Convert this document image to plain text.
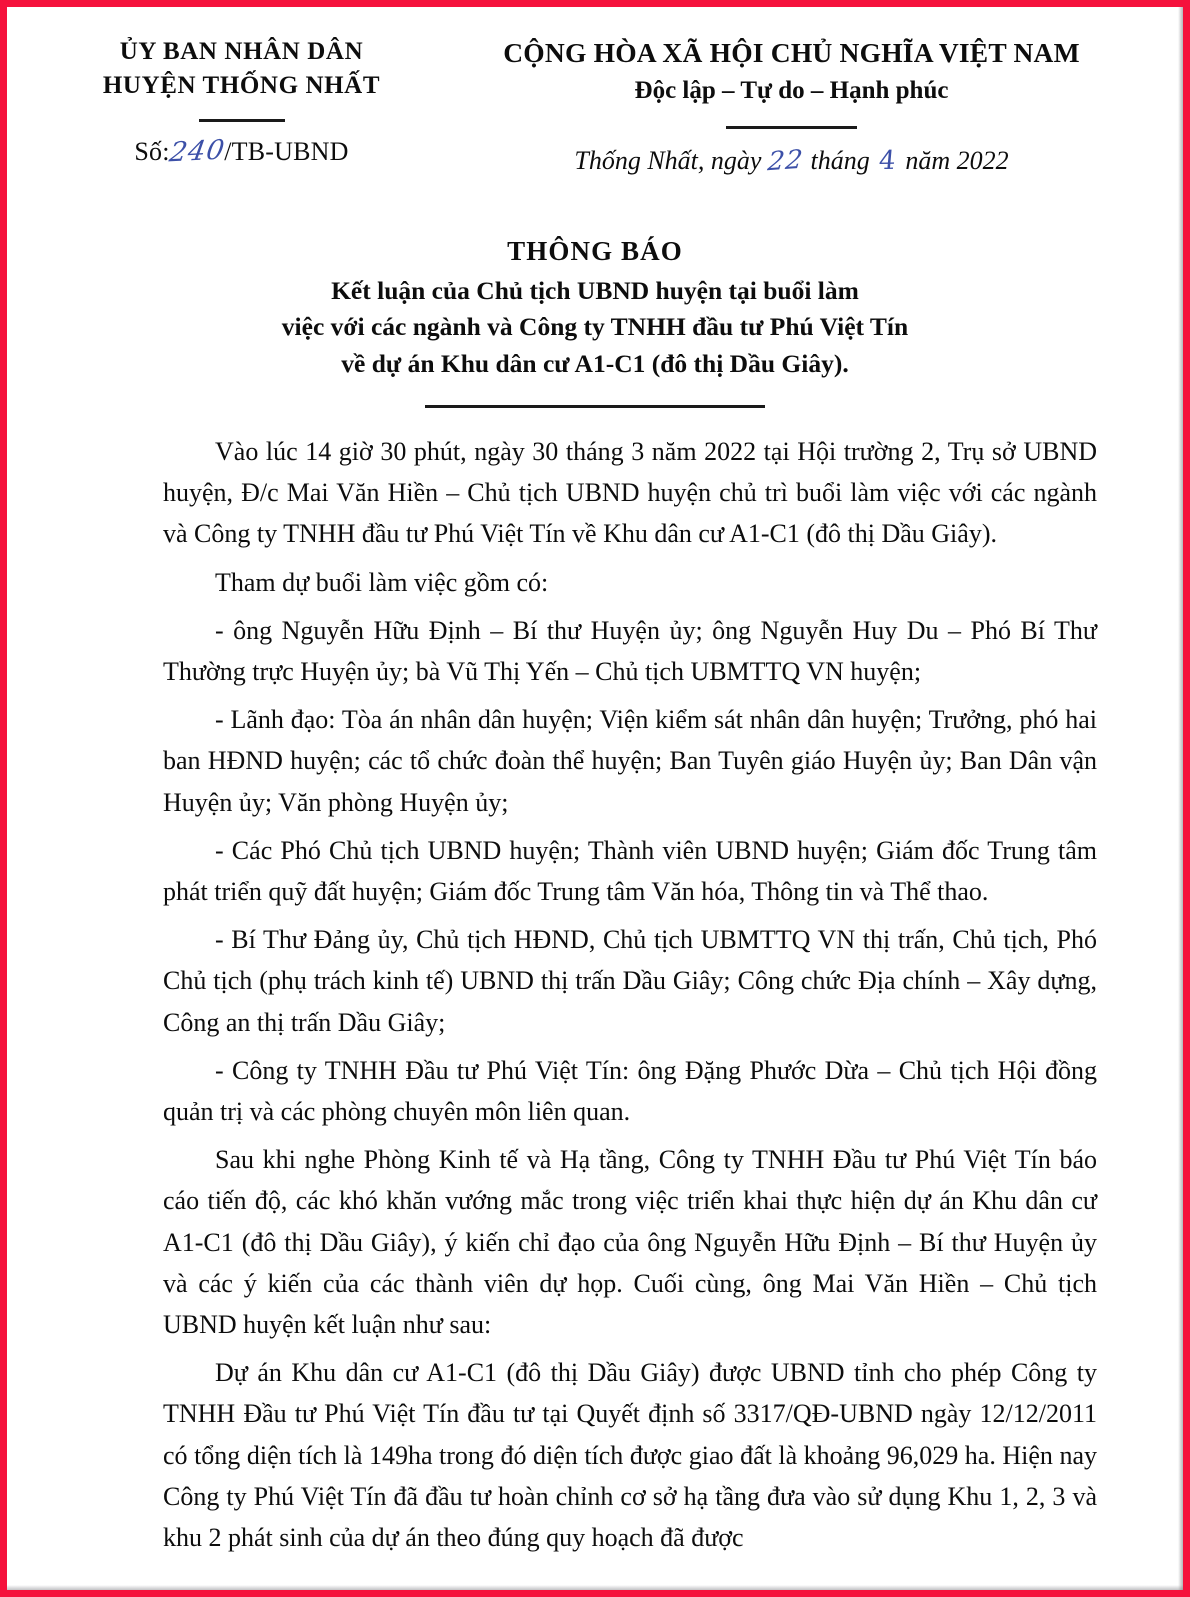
ỦY BAN NHÂN DÂN
HUYỆN THỐNG NHẤT
Số:240/TB-UBND
CỘNG HÒA XÃ HỘI CHỦ NGHĨA VIỆT NAM
Độc lập – Tự do – Hạnh phúc
Thống Nhất, ngày 22 tháng 4 năm 2022
THÔNG BÁO
Kết luận của Chủ tịch UBND huyện tại buổi làm
việc với các ngành và Công ty TNHH đầu tư Phú Việt Tín
về dự án Khu dân cư A1-C1 (đô thị Dầu Giây).

Vào lúc 14 giờ 30 phút, ngày 30 tháng 3 năm 2022 tại Hội trường 2, Trụ sở UBND huyện, Đ/c Mai Văn Hiền – Chủ tịch UBND huyện chủ trì buổi làm việc với các ngành và Công ty TNHH đầu tư Phú Việt Tín về Khu dân cư A1-C1 (đô thị Dầu Giây).

Tham dự buổi làm việc gồm có:

- ông Nguyễn Hữu Định – Bí thư Huyện ủy; ông Nguyễn Huy Du – Phó Bí Thư Thường trực Huyện ủy; bà Vũ Thị Yến – Chủ tịch UBMTTQ VN huyện;

- Lãnh đạo: Tòa án nhân dân huyện; Viện kiểm sát nhân dân huyện; Trưởng, phó hai ban HĐND huyện; các tổ chức đoàn thể huyện; Ban Tuyên giáo Huyện ủy; Ban Dân vận Huyện ủy; Văn phòng Huyện ủy;

- Các Phó Chủ tịch UBND huyện; Thành viên UBND huyện; Giám đốc Trung tâm phát triển quỹ đất huyện; Giám đốc Trung tâm Văn hóa, Thông tin và Thể thao.

- Bí Thư Đảng ủy, Chủ tịch HĐND, Chủ tịch UBMTTQ VN thị trấn, Chủ tịch, Phó Chủ tịch (phụ trách kinh tế) UBND thị trấn Dầu Giây; Công chức Địa chính – Xây dựng, Công an thị trấn Dầu Giây;

- Công ty TNHH Đầu tư Phú Việt Tín: ông Đặng Phước Dừa – Chủ tịch Hội đồng quản trị và các phòng chuyên môn liên quan.

Sau khi nghe Phòng Kinh tế và Hạ tầng, Công ty TNHH Đầu tư Phú Việt Tín báo cáo tiến độ, các khó khăn vướng mắc trong việc triển khai thực hiện dự án Khu dân cư A1-C1 (đô thị Dầu Giây), ý kiến chỉ đạo của ông Nguyễn Hữu Định – Bí thư Huyện ủy và các ý kiến của các thành viên dự họp. Cuối cùng, ông Mai Văn Hiền – Chủ tịch UBND huyện kết luận như sau:

Dự án Khu dân cư A1-C1 (đô thị Dầu Giây) được UBND tỉnh cho phép Công ty TNHH Đầu tư Phú Việt Tín đầu tư tại Quyết định số 3317/QĐ-UBND ngày 12/12/2011 có tổng diện tích là 149ha trong đó diện tích được giao đất là khoảng 96,029 ha. Hiện nay Công ty Phú Việt Tín đã đầu tư hoàn chỉnh cơ sở hạ tầng đưa vào sử dụng Khu 1, 2, 3 và khu 2 phát sinh của dự án theo đúng quy hoạch đã được
